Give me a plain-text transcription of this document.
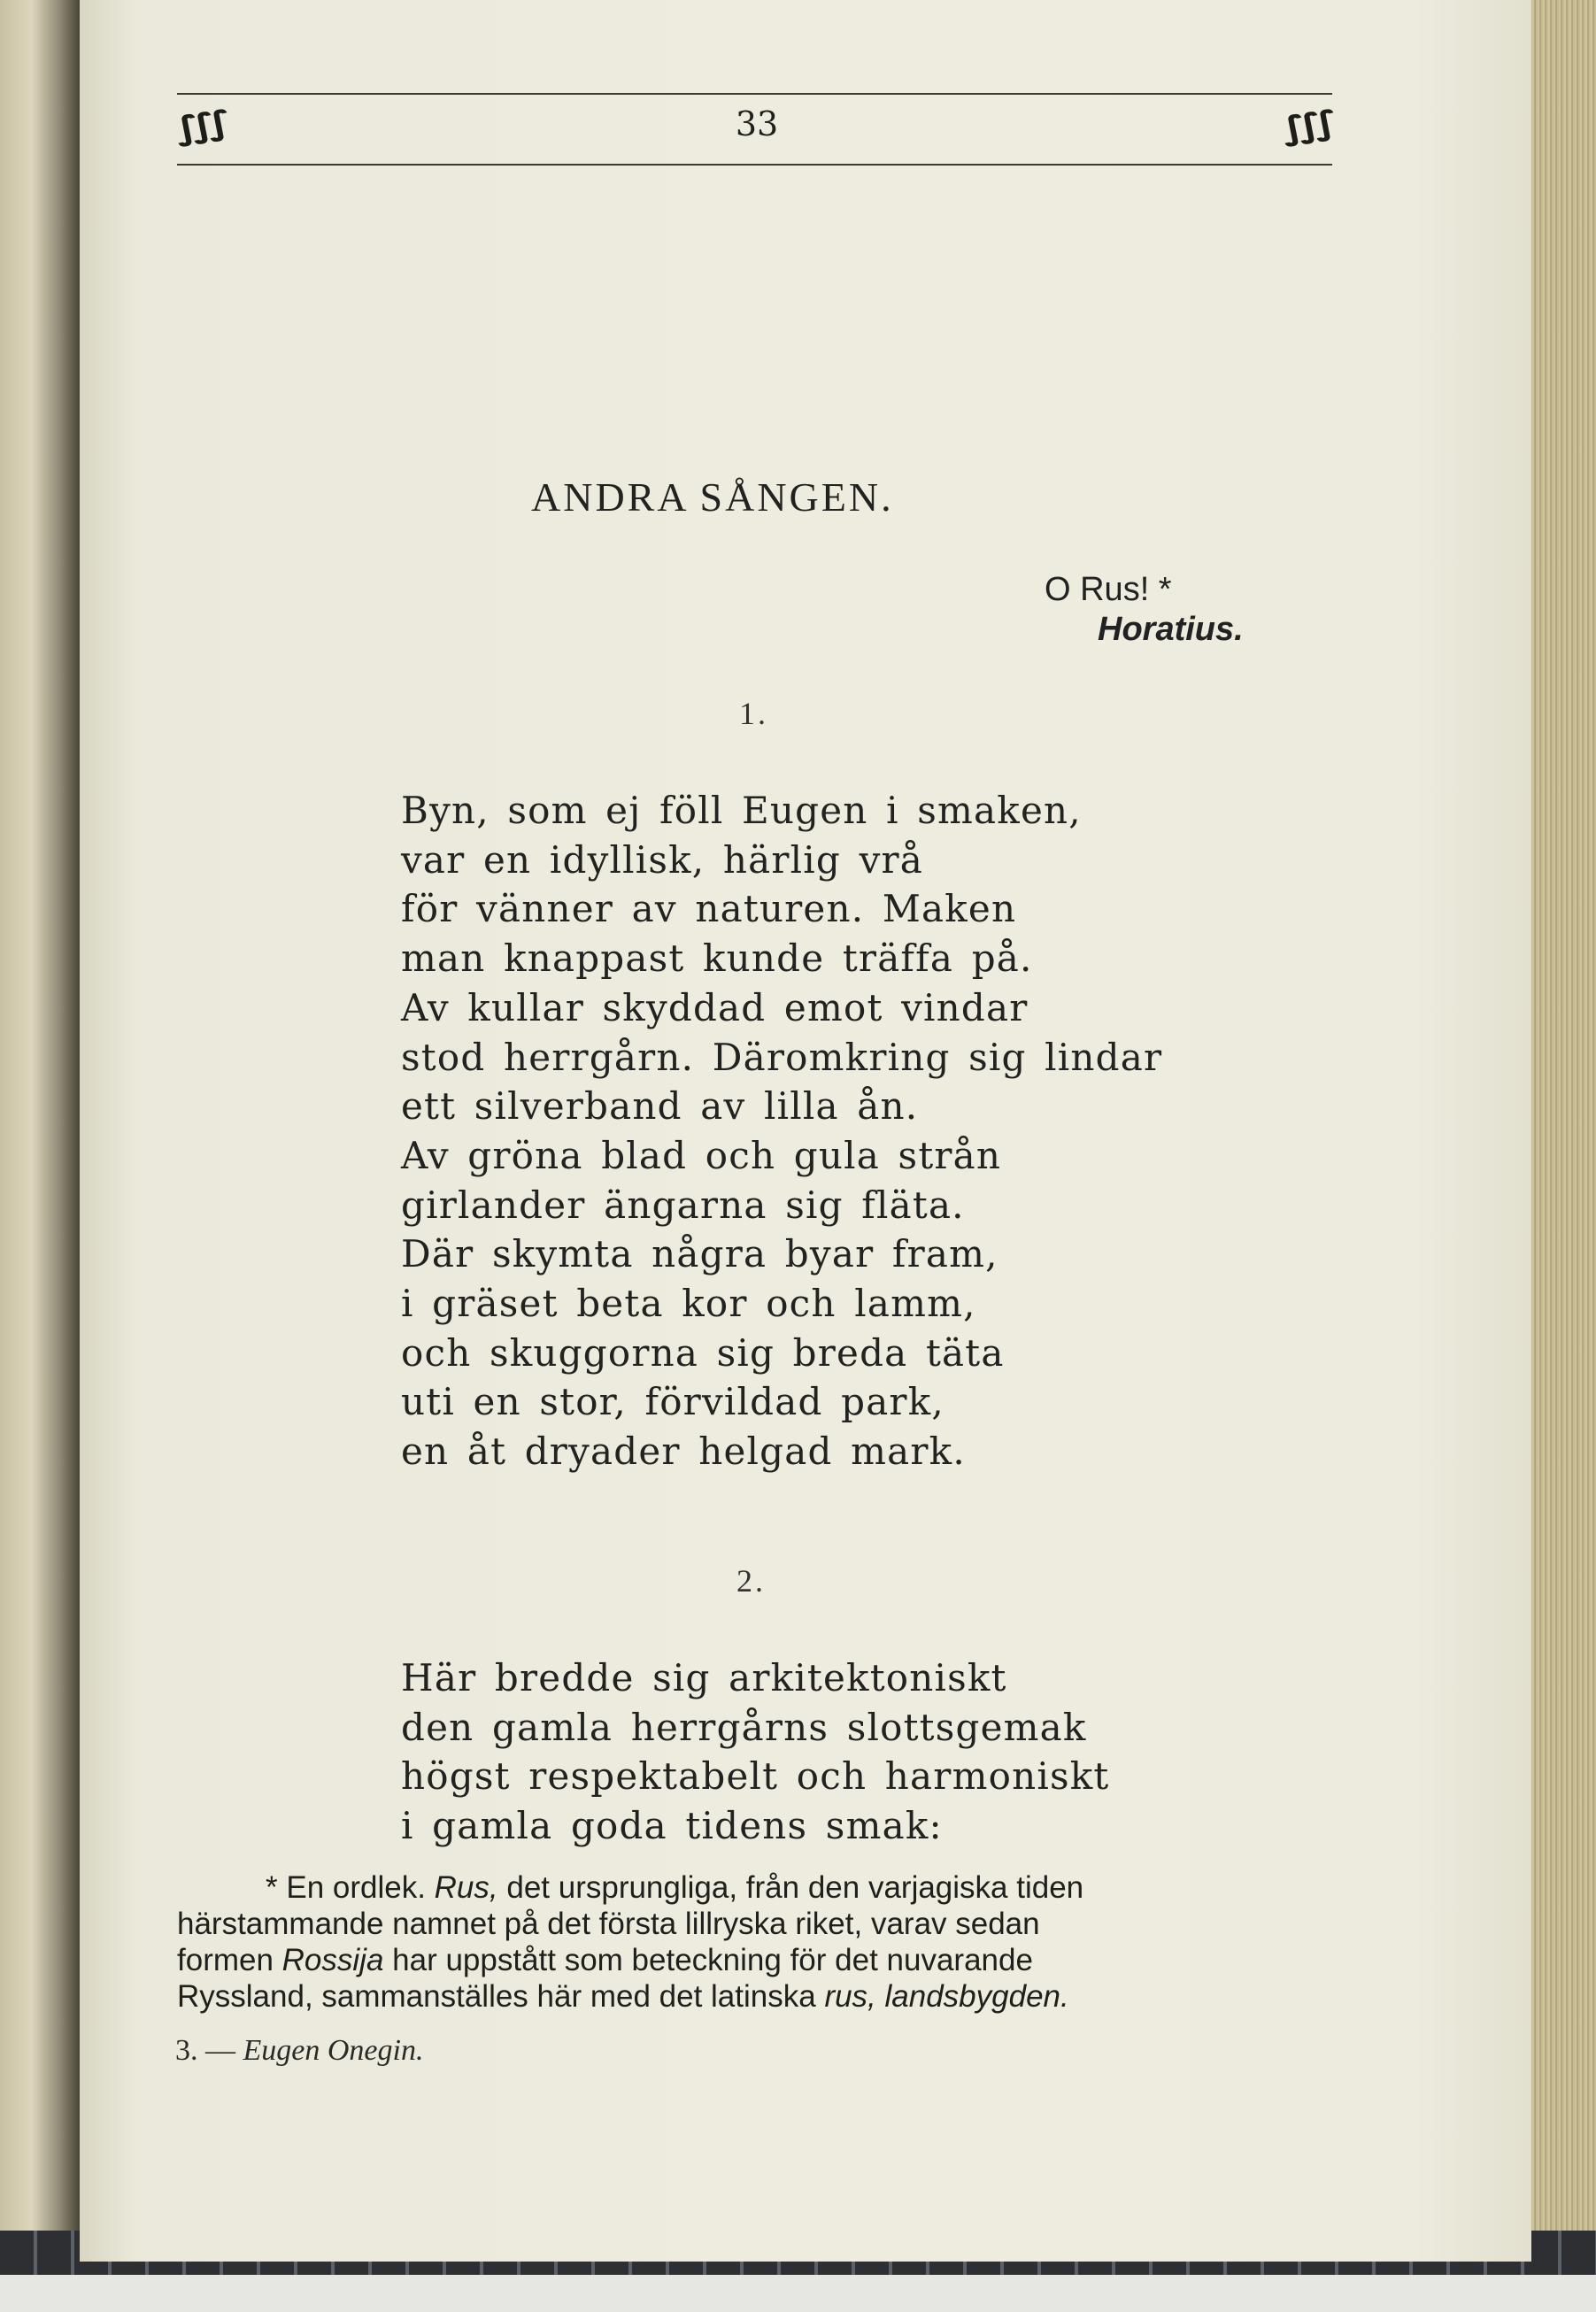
∭	33	∭
ANDRA SÅNGEN.
O Rus! *
Horatius.
1.
Byn, som ej föll Eugen i smaken,
var en idyllisk, härlig vrå
för vänner av naturen. Maken
man knappast kunde träffa på.
Av kullar skyddad emot vindar
stod herrgårn. Däromkring sig lindar
ett silverband av lilla ån.
Av gröna blad och gula strån
girlander ängarna sig fläta.
Där skymta några byar fram,
i gräset beta kor och lamm,
och skuggorna sig breda täta
uti en stor, förvildad park,
en åt dryader helgad mark.
2.
Här bredde sig arkitektoniskt
den gamla herrgårns slottsgemak
högst respektabelt och harmoniskt
i gamla goda tidens smak:
* En ordlek. Rus, det ursprungliga, från den varjagiska tiden
härstammande namnet på det första lillryska riket, varav sedan
formen Rossija har uppstått som beteckning för det nuvarande
Ryssland, sammanställes här med det latinska rus, landsbygden.
3. — Eugen Onegin.
